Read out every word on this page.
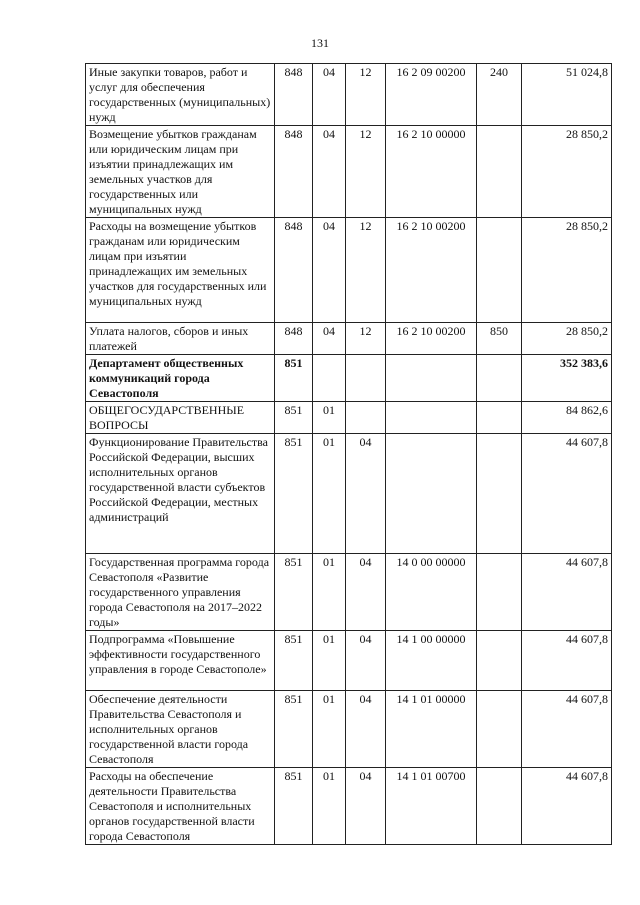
131
Иные закупки товаров, работ и услуг для обеспечения государственных (муниципальных) нужд	848	04	12	16 2 09 00200	240	51 024,8
Возмещение убытков гражданам или юридическим лицам при изъятии принадлежащих им земельных участков для государственных или муниципальных нужд	848	04	12	16 2 10 00000		28 850,2
Расходы на возмещение убытков гражданам или юридическим лицам при изъятии принадлежащих им земельных участков для государственных или муниципальных нужд	848	04	12	16 2 10 00200		28 850,2
Уплата налогов, сборов и иных платежей	848	04	12	16 2 10 00200	850	28 850,2
Департамент общественных коммуникаций города Севастополя	851					352 383,6
ОБЩЕГОСУДАРСТВЕННЫЕ ВОПРОСЫ	851	01				84 862,6
Функционирование Правительства Российской Федерации, высших исполнительных органов государственной власти субъектов Российской Федерации, местных администраций	851	01	04			44 607,8
Государственная программа города Севастополя «Развитие государственного управления города Севастополя на 2017–2022 годы»	851	01	04	14 0 00 00000		44 607,8
Подпрограмма «Повышение эффективности государственного управления в городе Севастополе»	851	01	04	14 1 00 00000		44 607,8
Обеспечение деятельности Правительства Севастополя и исполнительных органов государственной власти города Севастополя	851	01	04	14 1 01 00000		44 607,8
Расходы на обеспечение деятельности Правительства Севастополя и исполнительных органов государственной власти города Севастополя	851	01	04	14 1 01 00700		44 607,8
